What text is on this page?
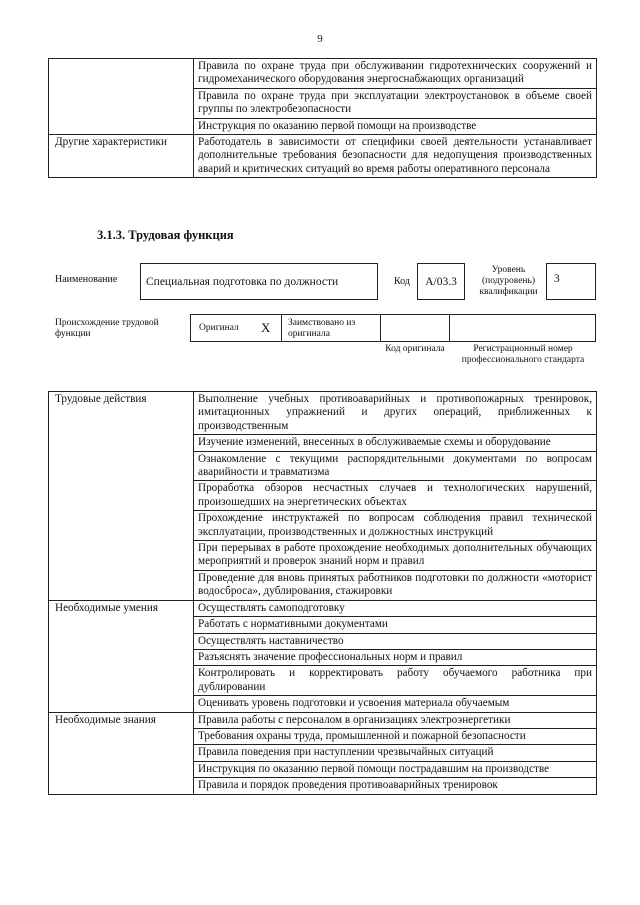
9
	Правила по охране труда при обслуживании гидротехнических сооружений и гидромеханического оборудования энергоснабжающих организаций
	Правила по охране труда при эксплуатации электроустановок в объеме своей группы по электробезопасности
	Инструкция по оказанию первой помощи на производстве
Другие характеристики	Работодатель в зависимости от специфики своей деятельности устанавливает дополнительные требования безопасности для недопущения производственных аварий и критических ситуаций во время работы оперативного персонала
3.1.3. Трудовая функция
Наименование Специальная подготовка по должности	Код A/03.3
Уровень (подуровень) квалификации
3
Происхождение трудовой функции
Оригинал X Заимствовано из оригинала
Код оригинала	Регистрационный номер профессионального стандарта
Трудовые действия	Выполнение учебных противоаварийных и противопожарных тренировок, имитационных упражнений и других операций, приближенных к производственным
	Изучение изменений, внесенных в обслуживаемые схемы и оборудование
	Ознакомление с текущими распорядительными документами по вопросам аварийности и травматизма
	Проработка обзоров несчастных случаев и технологических нарушений, произошедших на энергетических объектах
	Прохождение инструктажей по вопросам соблюдения правил технической эксплуатации, производственных и должностных инструкций
	При перерывах в работе прохождение необходимых дополнительных обучающих мероприятий и проверок знаний норм и правил
	Проведение для вновь принятых работников подготовки по должности «моторист водосброса», дублирования, стажировки
Необходимые умения	Осуществлять самоподготовку
	Работать с нормативными документами
	Осуществлять наставничество
	Разъяснять значение профессиональных норм и правил
	Контролировать и корректировать работу обучаемого работника при дублировании
	Оценивать уровень подготовки и усвоения материала обучаемым
Необходимые знания	Правила работы с персоналом в организациях электроэнергетики
	Требования охраны труда, промышленной и пожарной безопасности
	Правила поведения при наступлении чрезвычайных ситуаций
	Инструкция по оказанию первой помощи пострадавшим на производстве
	Правила и порядок проведения противоаварийных тренировок
